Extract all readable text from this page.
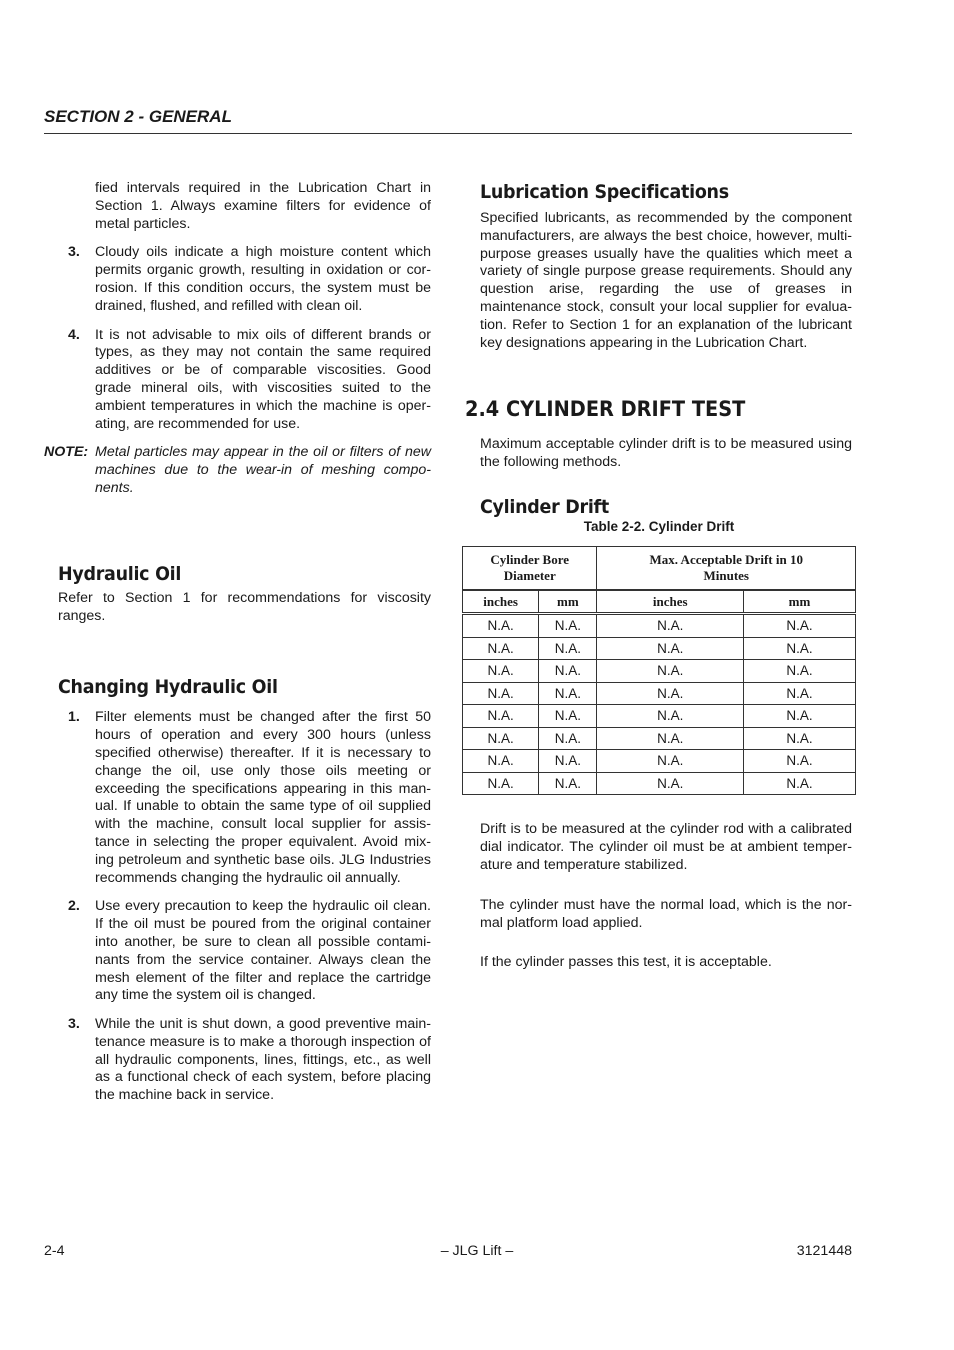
SECTION 2 - GENERAL

fied intervals required in the Lubrication Chart in Section 1. Always examine filters for evidence of metal particles.

3.	Cloudy oils indicate a high moisture content which permits organic growth, resulting in oxidation or cor-rosion. If this condition occurs, the system must be drained, flushed, and refilled with clean oil.

4.	It is not advisable to mix oils of different brands or types, as they may not contain the same required additives or be of comparable viscosities. Good grade mineral oils, with viscosities suited to the ambient temperatures in which the machine is oper-ating, are recommended for use.

NOTE: Metal particles may appear in the oil or filters of new machines due to the wear-in of meshing compo-nents.

Hydraulic Oil

Refer to Section 1 for recommendations for viscosity ranges.

Changing Hydraulic Oil
1.	Filter elements must be changed after the first 50 hours of operation and every 300 hours (unless specified otherwise) thereafter. If it is necessary to change the oil, use only those oils meeting or exceeding the specifications appearing in this man-ual. If unable to obtain the same type of oil supplied with the machine, consult local supplier for assis-tance in selecting the proper equivalent. Avoid mix-ing petroleum and synthetic base oils. JLG Industries recommends changing the hydraulic oil annually.

2.	Use every precaution to keep the hydraulic oil clean. If the oil must be poured from the original container into another, be sure to clean all possible contami-nants from the service container. Always clean the mesh element of the filter and replace the cartridge any time the system oil is changed.

3.	While the unit is shut down, a good preventive main-tenance measure is to make a thorough inspection of all hydraulic components, lines, fittings, etc., as well as a functional check of each system, before placing the machine back in service.

Lubrication Specifications

Specified lubricants, as recommended by the component manufacturers, are always the best choice, however, multi-purpose greases usually have the qualities which meet a variety of single purpose grease requirements. Should any question arise, regarding the use of greases in maintenance stock, consult your local supplier for evalua-tion. Refer to Section 1 for an explanation of the lubricant key designations appearing in the Lubrication Chart.

2.4 CYLINDER DRIFT TEST

Maximum acceptable cylinder drift is to be measured using the following methods.

Cylinder Drift

Table 2-2. Cylinder Drift

Cylinder Bore Diameter		Max. Acceptable Drift in 10 Minutes	

inches	mm	inches	mm
N.A.	N.A.	N.A.	N.A.
N.A.	N.A.	N.A.	N.A.
N.A.	N.A.	N.A.	N.A.
N.A.	N.A.	N.A.	N.A.
N.A.	N.A.	N.A.	N.A.
N.A.	N.A.	N.A.	N.A.
N.A.	N.A.	N.A.	N.A.
N.A.	N.A.	N.A.	N.A.

Drift is to be measured at the cylinder rod with a calibrated dial indicator. The cylinder oil must be at ambient temper-ature and temperature stabilized.

The cylinder must have the normal load, which is the nor-mal platform load applied.

If the cylinder passes this test, it is acceptable.

2-4	– JLG Lift –	3121448
